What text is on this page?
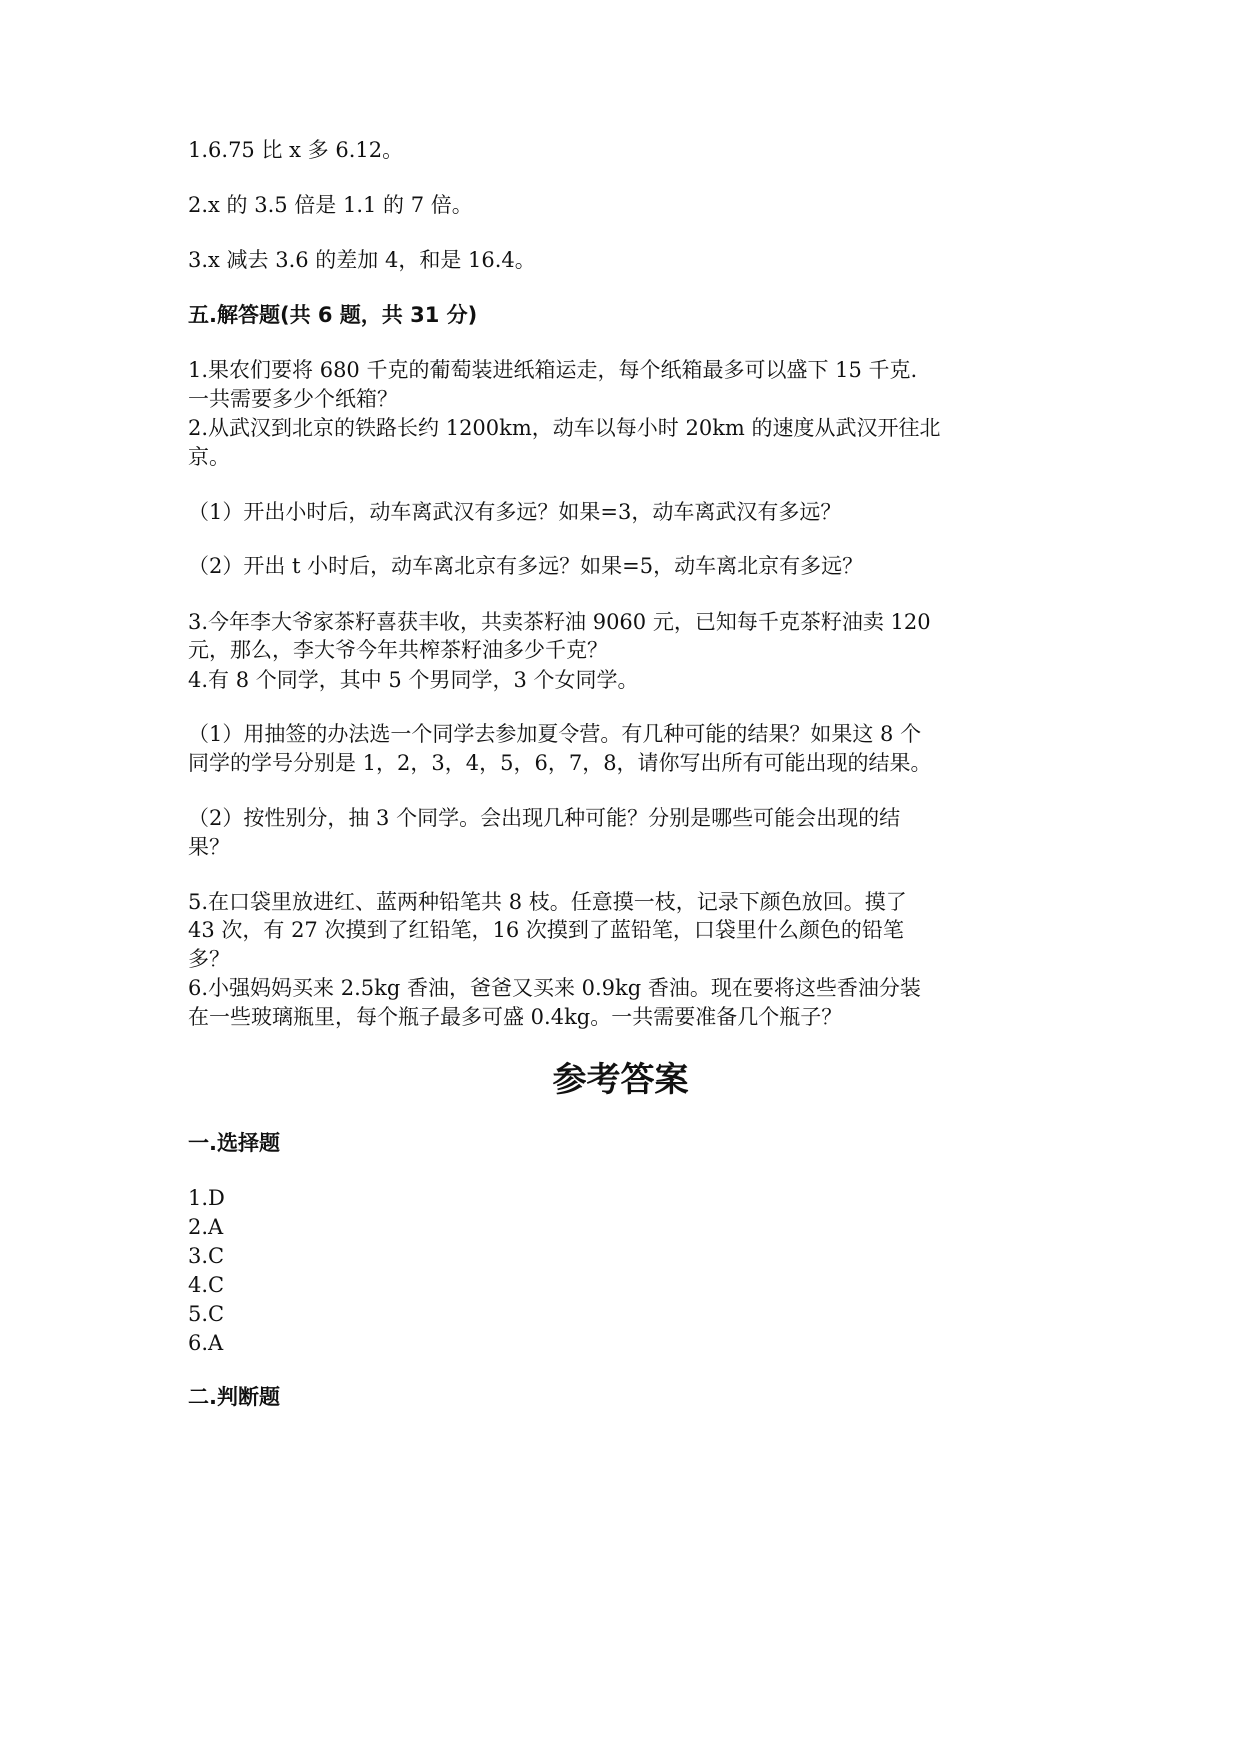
1.6.75 比 x 多 6.12。
2.x 的 3.5 倍是 1.1 的 7 倍。
3.x 减去 3.6 的差加 4，和是 16.4。
五.解答题(共 6 题，共 31 分)
1.果农们要将 680 千克的葡萄装进纸箱运走，每个纸箱最多可以盛下 15 千克.
一共需要多少个纸箱？
2.从武汉到北京的铁路长约 1200km，动车以每小时 20km 的速度从武汉开往北
京。
（1）开出小时后，动车离武汉有多远？如果=3，动车离武汉有多远？
（2）开出 t 小时后，动车离北京有多远？如果=5，动车离北京有多远？
3.今年李大爷家茶籽喜获丰收，共卖茶籽油 9060 元，已知每千克茶籽油卖 120
元，那么，李大爷今年共榨茶籽油多少千克？
4.有 8 个同学，其中 5 个男同学，3 个女同学。
（1）用抽签的办法选一个同学去参加夏令营。有几种可能的结果？如果这 8 个
同学的学号分别是 1，2，3，4，5，6，7，8，请你写出所有可能出现的结果。
（2）按性别分，抽 3 个同学。会出现几种可能？分别是哪些可能会出现的结
果？
5.在口袋里放进红、蓝两种铅笔共 8 枝。任意摸一枝，记录下颜色放回。摸了
43 次，有 27 次摸到了红铅笔，16 次摸到了蓝铅笔，口袋里什么颜色的铅笔
多？
6.小强妈妈买来 2.5kg 香油，爸爸又买来 0.9kg 香油。现在要将这些香油分装
在一些玻璃瓶里，每个瓶子最多可盛 0.4kg。一共需要准备几个瓶子？
参考答案
一.选择题
1.D
2.A
3.C
4.C
5.C
6.A
二.判断题
